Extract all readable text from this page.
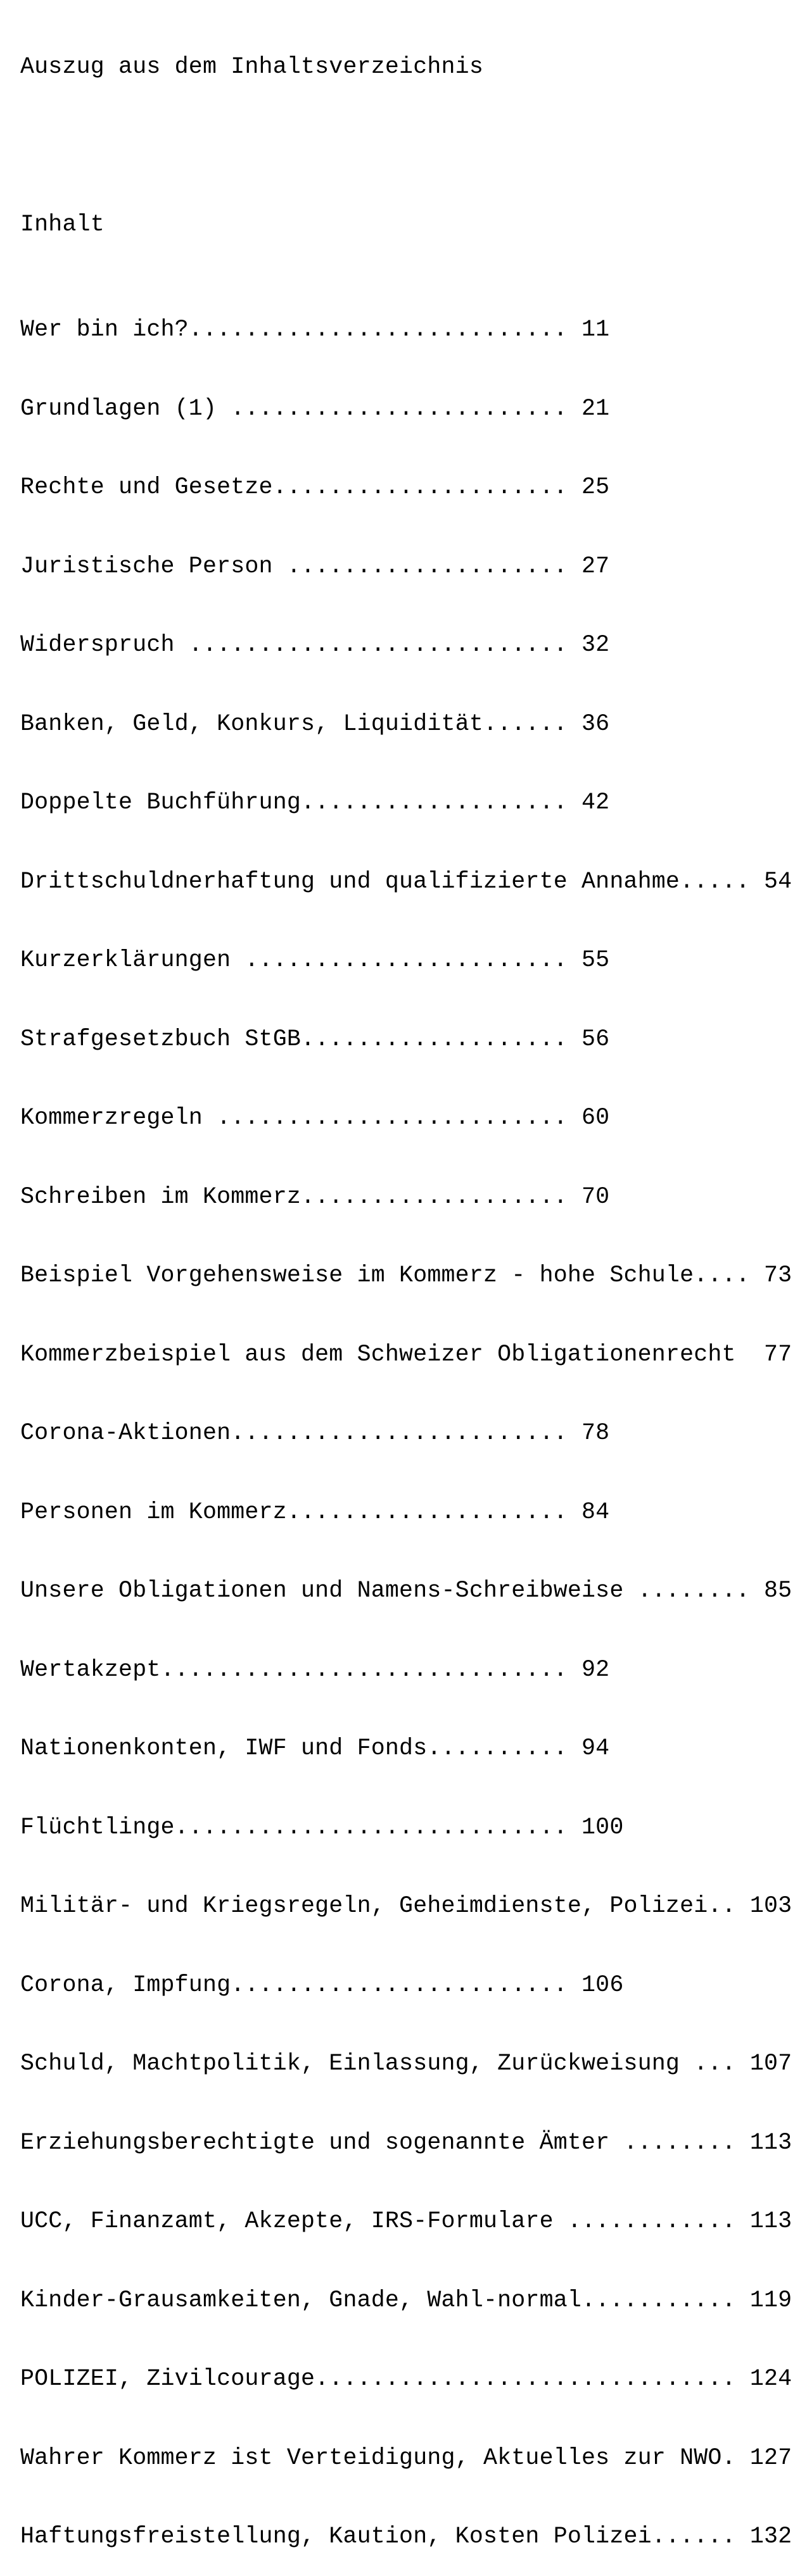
Auszug aus dem Inhaltsverzeichnis

Inhalt

Wer bin ich?........................... 11

Grundlagen (1) ........................ 21

Rechte und Gesetze..................... 25

Juristische Person .................... 27

Widerspruch ........................... 32

Banken, Geld, Konkurs, Liquidität...... 36

Doppelte Buchführung................... 42

Drittschuldnerhaftung und qualifizierte Annahme..... 54

Kurzerklärungen ....................... 55

Strafgesetzbuch StGB................... 56

Kommerzregeln ......................... 60

Schreiben im Kommerz................... 70

Beispiel Vorgehensweise im Kommerz - hohe Schule.... 73

Kommerzbeispiel aus dem Schweizer Obligationenrecht  77

Corona-Aktionen........................ 78

Personen im Kommerz.................... 84

Unsere Obligationen und Namens-Schreibweise ........ 85

Wertakzept............................. 92

Nationenkonten, IWF und Fonds.......... 94

Flüchtlinge............................ 100

Militär- und Kriegsregeln, Geheimdienste, Polizei.. 103

Corona, Impfung........................ 106

Schuld, Machtpolitik, Einlassung, Zurückweisung ... 107

Erziehungsberechtigte und sogenannte Ämter ........ 113

UCC, Finanzamt, Akzepte, IRS-Formulare ............ 113

Kinder-Grausamkeiten, Gnade, Wahl-normal........... 119

POLIZEI, Zivilcourage.............................. 124

Wahrer Kommerz ist Verteidigung, Aktuelles zur NWO. 127

Haftungsfreistellung, Kaution, Kosten Polizei...... 132
